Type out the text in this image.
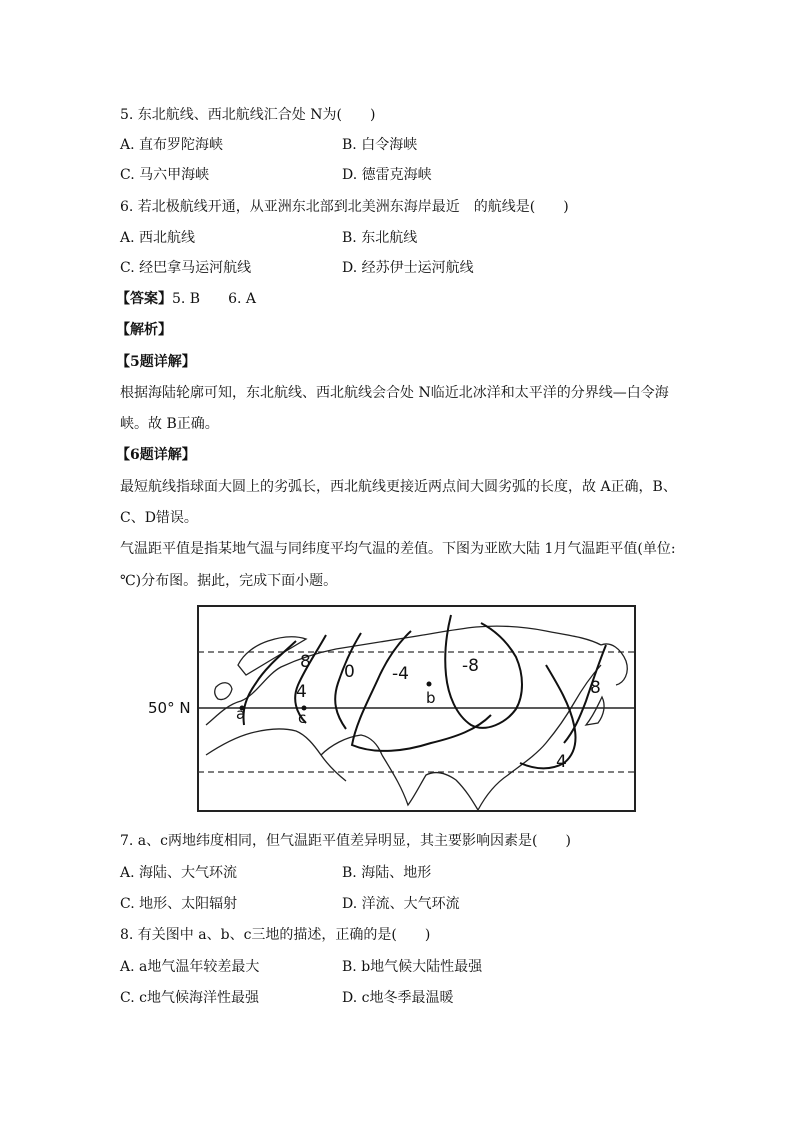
5. 东北航线、西北航线汇合处 N为(　　)
A. 直布罗陀海峡	B. 白令海峡
C. 马六甲海峡	D. 德雷克海峡
6. 若北极航线开通，从亚洲东北部到北美洲东海岸最近　的航线是(　　)
A. 西北航线	B. 东北航线
C. 经巴拿马运河航线	D. 经苏伊士运河航线
【答案】5. B　　6. A
【解析】
【5题详解】
根据海陆轮廓可知，东北航线、西北航线会合处 N临近北冰洋和太平洋的分界线—白令海
峡。故 B正确。
【6题详解】
最短航线指球面大圆上的劣弧长，西北航线更接近两点间大圆劣弧的长度，故 A正确，B、
C、D错误。
气温距平值是指某地气温与同纬度平均气温的差值。下图为亚欧大陆 1月气温距平值(单位:
℃)分布图。据此，完成下面小题。
8
4
0 -4	-8
8
4
a
b
c
50° N
7. a、c两地纬度相同，但气温距平值差异明显，其主要影响因素是(　　)
A. 海陆、大气环流	B. 海陆、地形
C. 地形、太阳辐射	D. 洋流、大气环流
8. 有关图中 a、b、c三地的描述，正确的是(　　)
A. a地气温年较差最大	B. b地气候大陆性最强
C. c地气候海洋性最强	D. c地冬季最温暖
